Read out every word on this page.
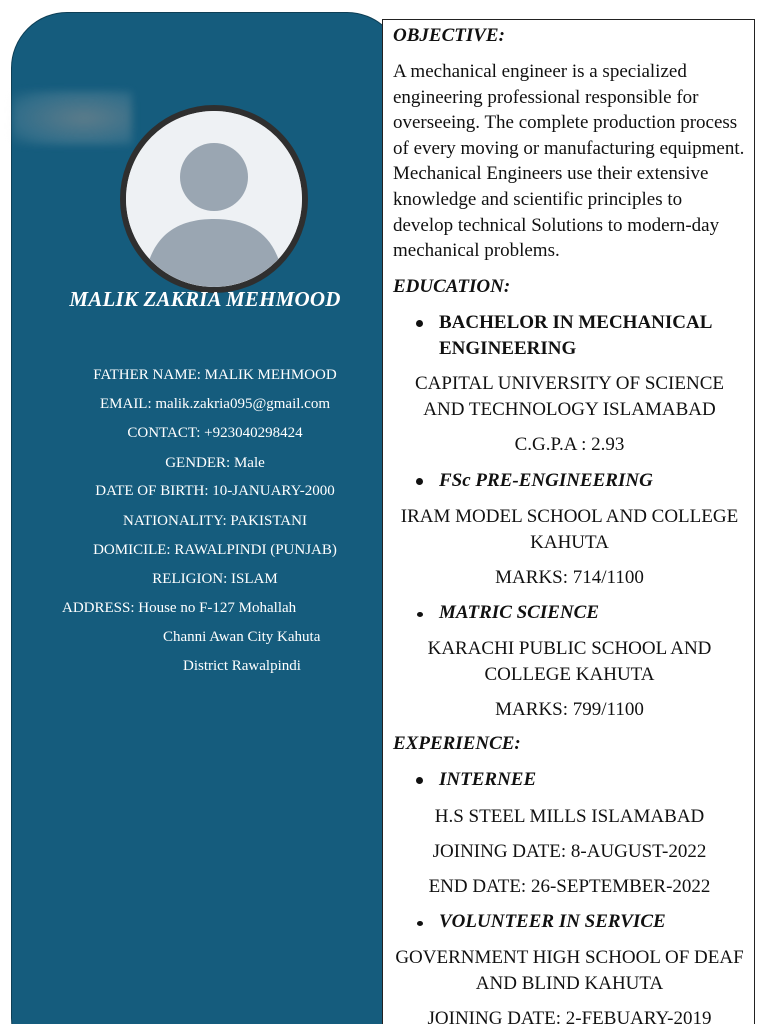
MALIK ZAKRIA MEHMOOD
FATHER NAME: MALIK MEHMOOD
EMAIL: malik.zakria095@gmail.com
CONTACT: +923040298424
GENDER: Male
DATE OF BIRTH: 10-JANUARY-2000
NATIONALITY: PAKISTANI
DOMICILE: RAWALPINDI (PUNJAB)
RELIGION: ISLAM
ADDRESS: House no F-127 Mohallah
Channi Awan City Kahuta
District Rawalpindi
OBJECTIVE:
A mechanical engineer is a specialized engineering professional responsible for overseeing. The complete production process of every moving or manufacturing equipment. Mechanical Engineers use their extensive knowledge and scientific principles to develop technical Solutions to modern-day mechanical problems.
EDUCATION:
BACHELOR IN MECHANICAL ENGINEERING
CAPITAL UNIVERSITY OF SCIENCE AND TECHNOLOGY ISLAMABAD
C.G.P.A : 2.93
FSc PRE-ENGINEERING
IRAM MODEL SCHOOL AND COLLEGE KAHUTA
MARKS: 714/1100
MATRIC SCIENCE
KARACHI PUBLIC SCHOOL AND COLLEGE KAHUTA
MARKS: 799/1100
EXPERIENCE:
INTERNEE
H.S STEEL MILLS ISLAMABAD
JOINING DATE: 8-AUGUST-2022
END DATE: 26-SEPTEMBER-2022
VOLUNTEER IN SERVICE
GOVERNMENT HIGH SCHOOL OF DEAF AND BLIND KAHUTA
JOINING DATE: 2-FEBUARY-2019
